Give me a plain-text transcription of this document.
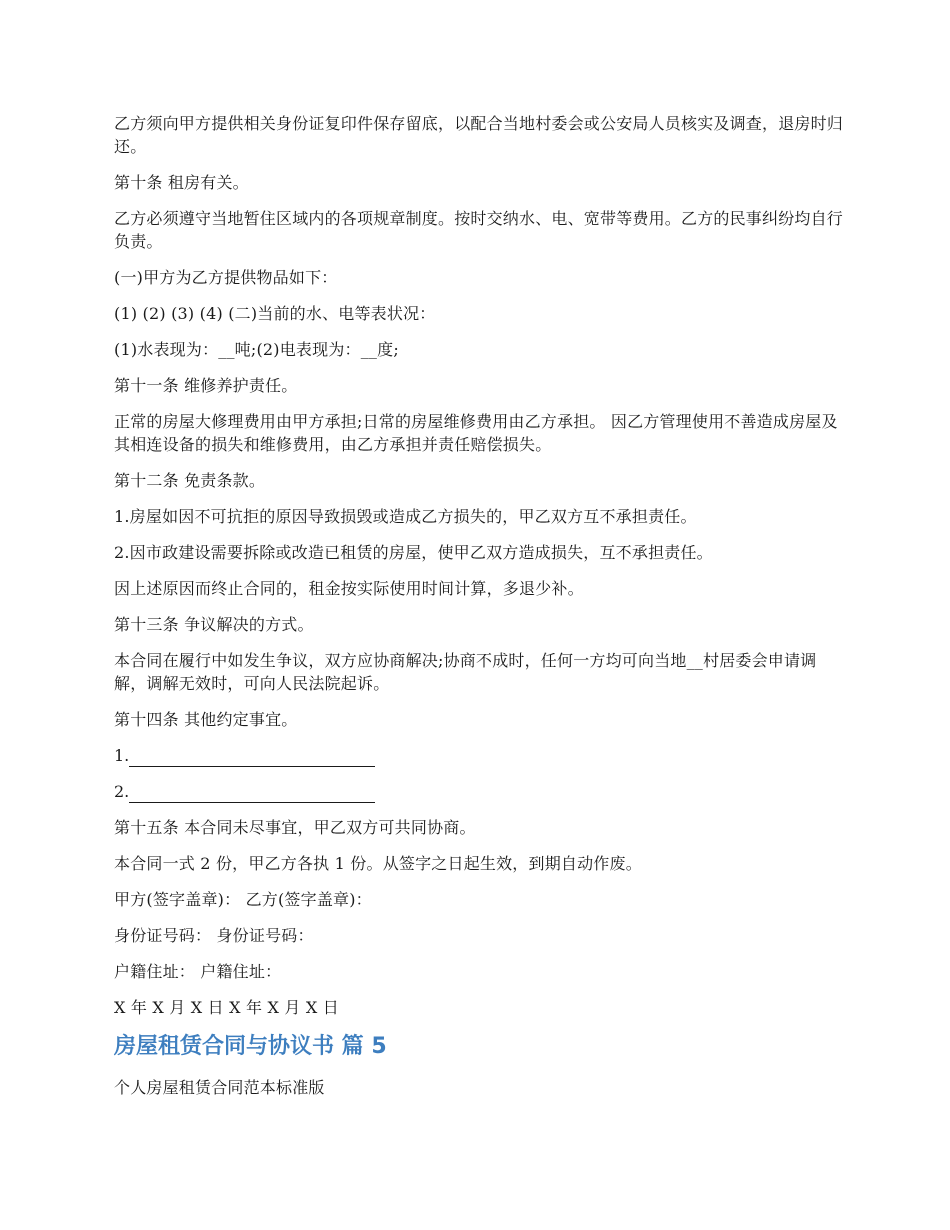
乙方须向甲方提供相关身份证复印件保存留底，以配合当地村委会或公安局人员核实及调查，退房时归还。

第十条 租房有关。

乙方必须遵守当地暂住区域内的各项规章制度。按时交纳水、电、宽带等费用。乙方的民事纠纷均自行负责。

(一)甲方为乙方提供物品如下：

(1) (2) (3) (4) (二)当前的水、电等表状况：

(1)水表现为：__吨;(2)电表现为：__度;

第十一条 维修养护责任。

正常的房屋大修理费用由甲方承担;日常的房屋维修费用由乙方承担。 因乙方管理使用不善造成房屋及其相连设备的损失和维修费用，由乙方承担并责任赔偿损失。

第十二条 免责条款。

1.房屋如因不可抗拒的原因导致损毁或造成乙方损失的，甲乙双方互不承担责任。

2.因市政建设需要拆除或改造已租赁的房屋，使甲乙双方造成损失，互不承担责任。

因上述原因而终止合同的，租金按实际使用时间计算，多退少补。

第十三条 争议解决的方式。

本合同在履行中如发生争议，双方应协商解决;协商不成时，任何一方均可向当地__村居委会申请调解，调解无效时，可向人民法院起诉。

第十四条 其他约定事宜。

1.
2.

第十五条 本合同未尽事宜，甲乙双方可共同协商。

本合同一式 2 份，甲乙方各执 1 份。从签字之日起生效，到期自动作废。

甲方(签字盖章)： 乙方(签字盖章)：

身份证号码： 身份证号码：

户籍住址： 户籍住址：

X 年 X 月 X 日 X 年 X 月 X 日

房屋租赁合同与协议书 篇 5

个人房屋租赁合同范本标准版
